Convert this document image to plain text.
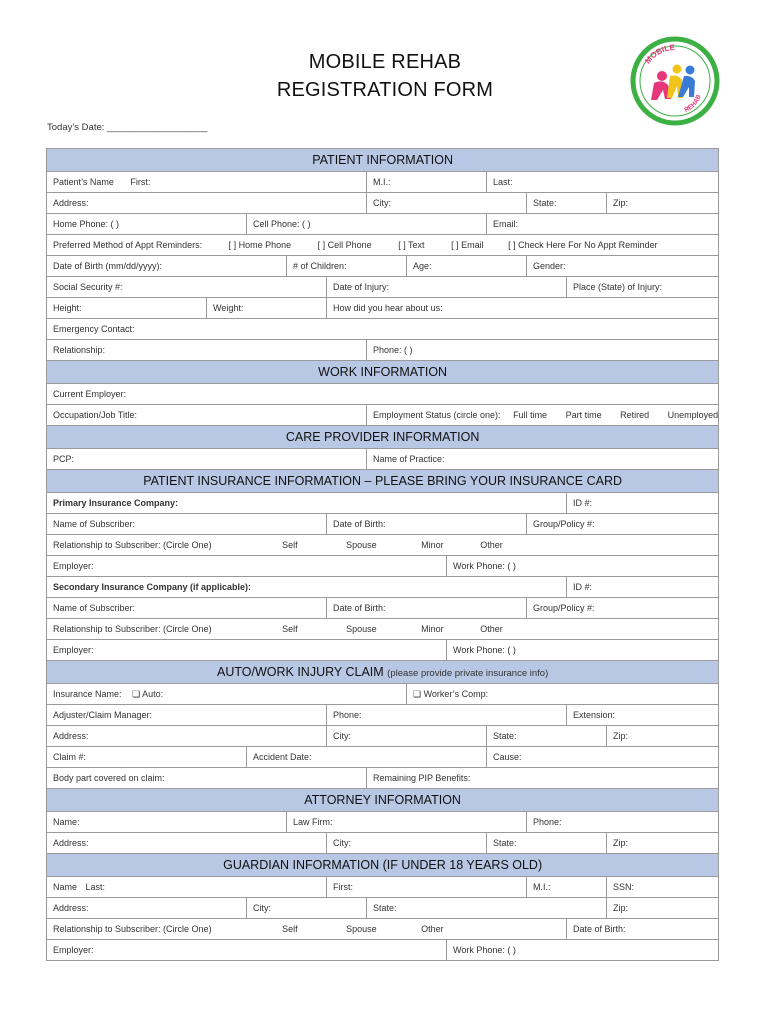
MOBILE REHAB
REGISTRATION FORM
Today’s Date: ___________________
MOBILE
REHAB
PATIENT INFORMATION											
Patient’s Name First:					M.I.:			Last:			
Address:					City:				State:		Zip:
Home Phone: ( )		Cell Phone: ( )						Email:			
Preferred Method of Appt Reminders: [ ] Home Phone [ ] Cell Phone [ ] Text [ ] Email [ ] Check Here For No Appt Reminder											
Date of Birth (mm/dd/yyyy):			# of Children:			Age:			Gender:		
Social Security #:				Date of Injury:						Place (State) of Injury:	
Height:	Weight:			How did you hear about us:							
Emergency Contact:											
Relationship:					Phone: ( )						
WORK INFORMATION											
Current Employer:											
Occupation/Job Title:					Employment Status (circle one): Full time Part time Retired Unemployed						
CARE PROVIDER INFORMATION											
PCP:					Name of Practice:						
PATIENT INSURANCE INFORMATION – PLEASE BRING YOUR INSURANCE CARD											
Primary Insurance Company:										ID #:	
Name of Subscriber:				Date of Birth:					Group/Policy #:		
Relationship to Subscriber: (Circle One) Self Spouse Minor Other											
Employer:							Work Phone: ( )				
Secondary Insurance Company (if applicable):										ID #:	
Name of Subscriber:				Date of Birth:					Group/Policy #:		
Relationship to Subscriber: (Circle One) Self Spouse Minor Other											
Employer:							Work Phone: ( )				
AUTO/WORK INJURY CLAIM (please provide private insurance info)											
Insurance Name: ❏ Auto:						❏ Worker’s Comp:					
Adjuster/Claim Manager:				Phone:						Extension:	
Address:				City:				State:			Zip:
Claim #:		Accident Date:						Cause:			
Body part covered on claim:					Remaining PIP Benefits:						
ATTORNEY INFORMATION											
Name:			Law Firm:						Phone:		
Address:				City:				State:			Zip:
GUARDIAN INFORMATION (IF UNDER 18 YEARS OLD)											
Name Last:				First:					M.I.:		SSN:
Address:		City:			State:						Zip:
Relationship to Subscriber: (Circle One) Self Spouse Other										Date of Birth:	
Employer:							Work Phone: ( )				
